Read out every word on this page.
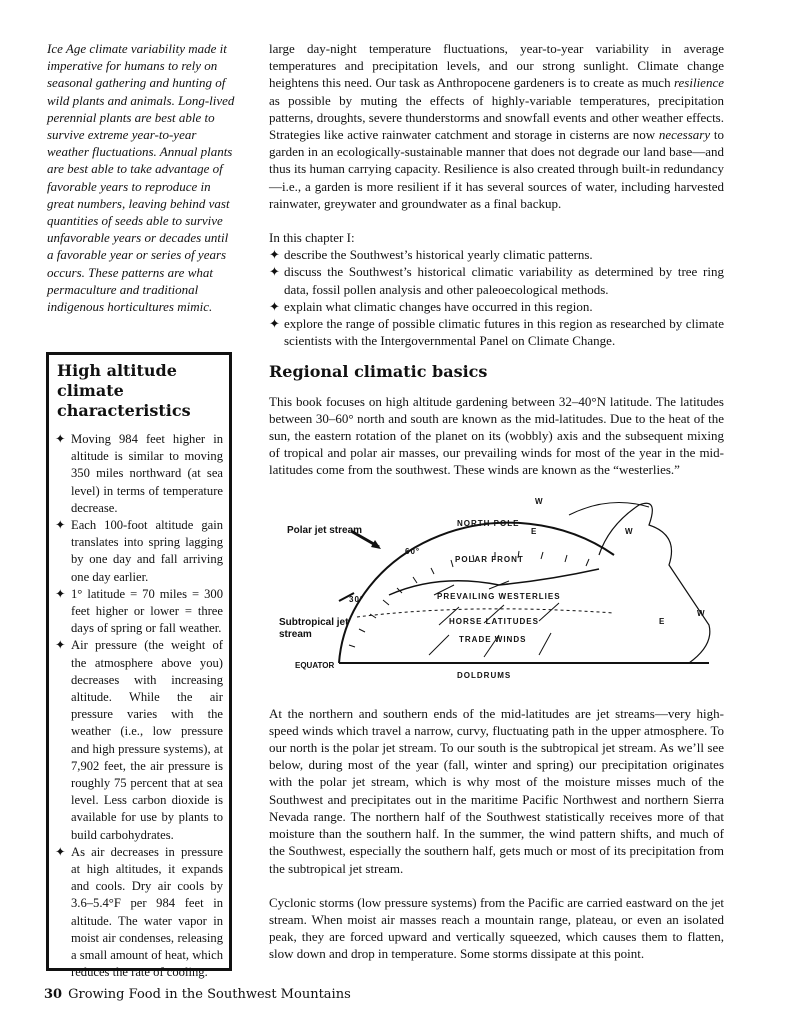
Ice Age climate variability made it imperative for humans to rely on seasonal gathering and hunting of wild plants and animals. Long-lived perennial plants are best able to survive extreme year-to-year weather fluctuations. Annual plants are best able to take advantage of favorable years to reproduce in great numbers, leaving behind vast quantities of seeds able to survive unfavorable years or decades until a favorable year or series of years occurs. These patterns are what permaculture and traditional indigenous horticultures mimic.

High altitude climate characteristics
✦ Moving 984 feet higher in altitude is similar to moving 350 miles northward (at sea level) in terms of temperature decrease.
✦ Each 100-foot altitude gain translates into spring lagging by one day and fall arriving one day earlier.
✦ 1° latitude = 70 miles = 300 feet higher or lower = three days of spring or fall weather.
✦ Air pressure (the weight of the atmosphere above you) decreases with increasing altitude. While the air pressure varies with the weather (i.e., low pressure and high pressure systems), at 7,902 feet, the air pressure is roughly 75 percent that at sea level. Less carbon dioxide is available for use by plants to build carbohydrates.
✦ As air decreases in pressure at high altitudes, it expands and cools. Dry air cools by 3.6–5.4°F per 984 feet in altitude. The water vapor in moist air condenses, releasing a small amount of heat, which reduces the rate of cooling.

large day-night temperature fluctuations, year-to-year variability in average temperatures and precipitation levels, and our strong sunlight. Climate change heightens this need. Our task as Anthropocene gardeners is to create as much resilience as possible by muting the effects of highly-variable temperatures, precipitation patterns, droughts, severe thunderstorms and snowfall events and other weather effects. Strategies like active rainwater catchment and storage in cisterns are now necessary to garden in an ecologically-sustainable manner that does not degrade our land base—and thus its human carrying capacity. Resilience is also created through built-in redundancy—i.e., a garden is more resilient if it has several sources of water, including harvested rainwater, greywater and groundwater as a final backup.

In this chapter I:

✦ describe the Southwest’s historical yearly climatic patterns.
✦ discuss the Southwest’s historical climatic variability as determined by tree ring data, fossil pollen analysis and other paleoecological methods.
✦ explain what climatic changes have occurred in this region.
✦ explore the range of possible climatic futures in this region as researched by climate scientists with the Intergovernmental Panel on Climate Change.
Regional climatic basics

This book focuses on high altitude gardening between 32–40°N latitude. The latitudes between 30–60° north and south are known as the mid-latitudes. Due to the heat of the sun, the eastern rotation of the planet on its (wobbly) axis and the subsequent mixing of tropical and polar air masses, our prevailing winds for most of the year in the mid-latitudes come from the southwest. These winds are known as the “westerlies.”

Polar jet stream
Subtropical jet stream
EQUATOR
NORTH POLE
POLAR FRONT
PREVAILING WESTERLIES
HORSE LATITUDES
TRADE WINDS
DOLDRUMS
60°
30°
W
W
W
E
E

At the northern and southern ends of the mid-latitudes are jet streams—very high-speed winds which travel a narrow, curvy, fluctuating path in the upper atmosphere. To our north is the polar jet stream. To our south is the subtropical jet stream. As we’ll see below, during most of the year (fall, winter and spring) our precipitation originates with the polar jet stream, which is why most of the moisture misses much of the Southwest and precipitates out in the maritime Pacific Northwest and northern Sierra Nevada range. The northern half of the Southwest statistically receives more of that moisture than the southern half. In the summer, the wind pattern shifts, and much of the Southwest, especially the southern half, gets much or most of its precipitation from the subtropical jet stream.

Cyclonic storms (low pressure systems) from the Pacific are carried eastward on the jet stream. When moist air masses reach a mountain range, plateau, or even an isolated peak, they are forced upward and vertically squeezed, which causes them to flatten, slow down and drop in temperature. Some storms dissipate at this point.

30 Growing Food in the Southwest Mountains
